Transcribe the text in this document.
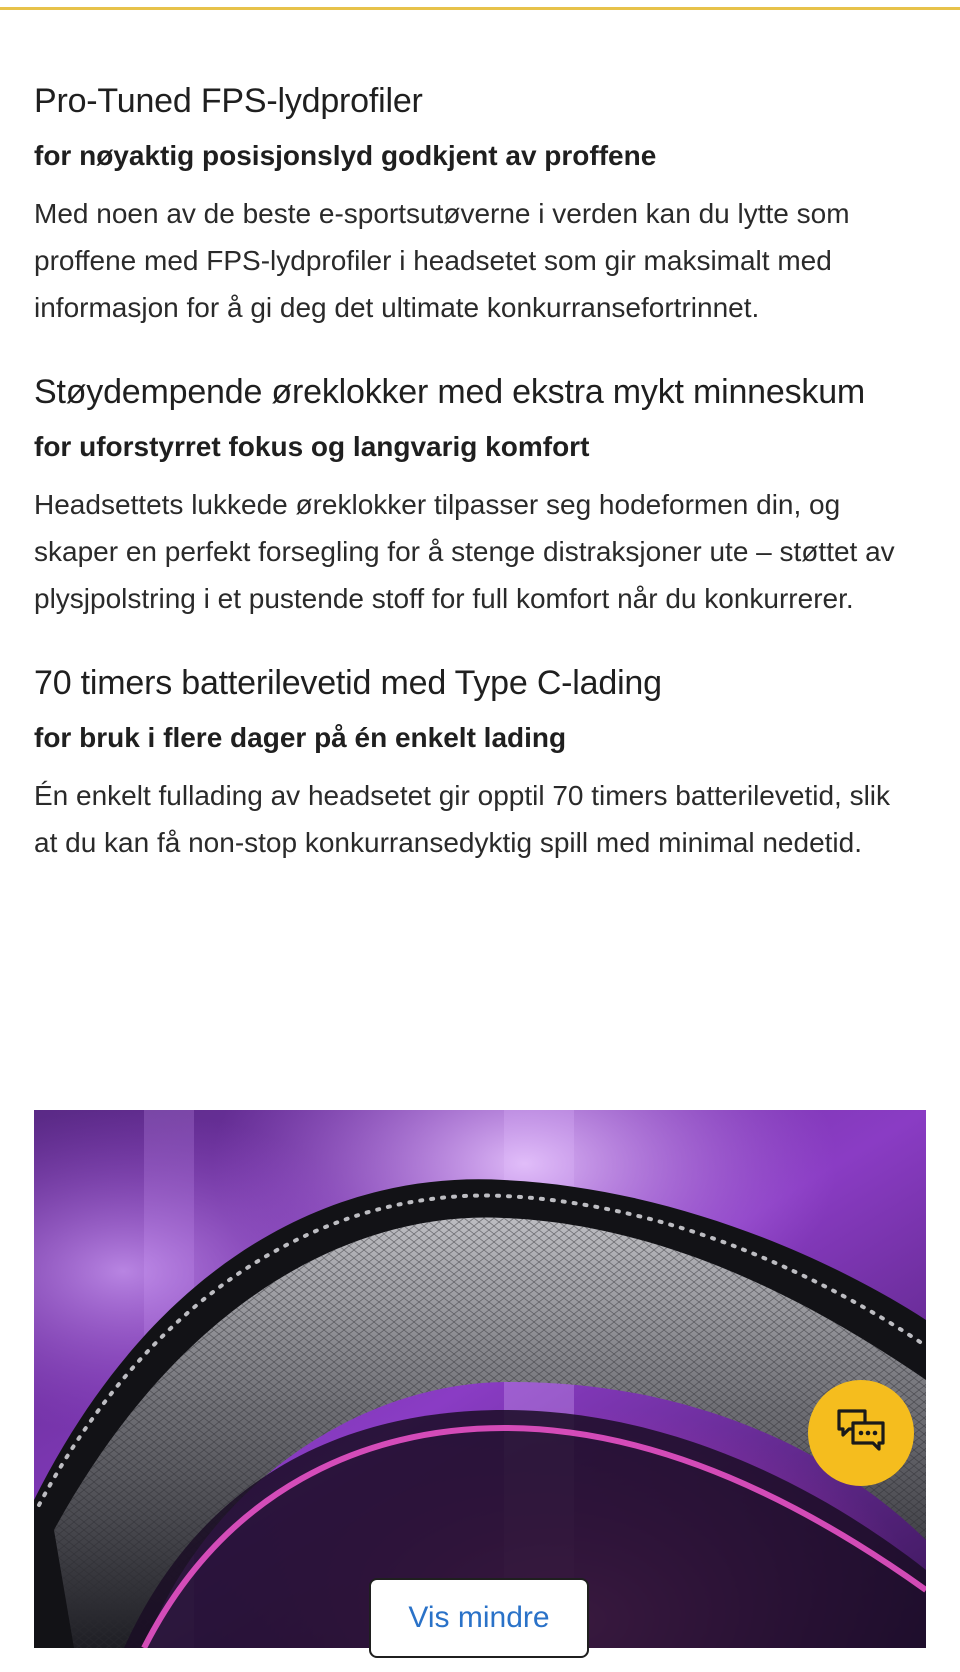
Pro-Tuned FPS-lydprofiler
for nøyaktig posisjonslyd godkjent av proffene

Med noen av de beste e-sportsutøverne i verden kan du lytte som proffene med FPS-lydprofiler i headsetet som gir maksimalt med informasjon for å gi deg det ultimate konkurransefortrinnet.

Støydempende øreklokker med ekstra mykt minneskum
for uforstyrret fokus og langvarig komfort

Headsettets lukkede øreklokker tilpasser seg hodeformen din, og skaper en perfekt forsegling for å stenge distraksjoner ute – støttet av plysjpolstring i et pustende stoff for full komfort når du konkurrerer.

70 timers batterilevetid med Type C-lading
for bruk i flere dager på én enkelt lading

Én enkelt fullading av headsetet gir opptil 70 timers batterilevetid, slik at du kan få non-stop konkurransedyktig spill med minimal nedetid.

Vis mindre
